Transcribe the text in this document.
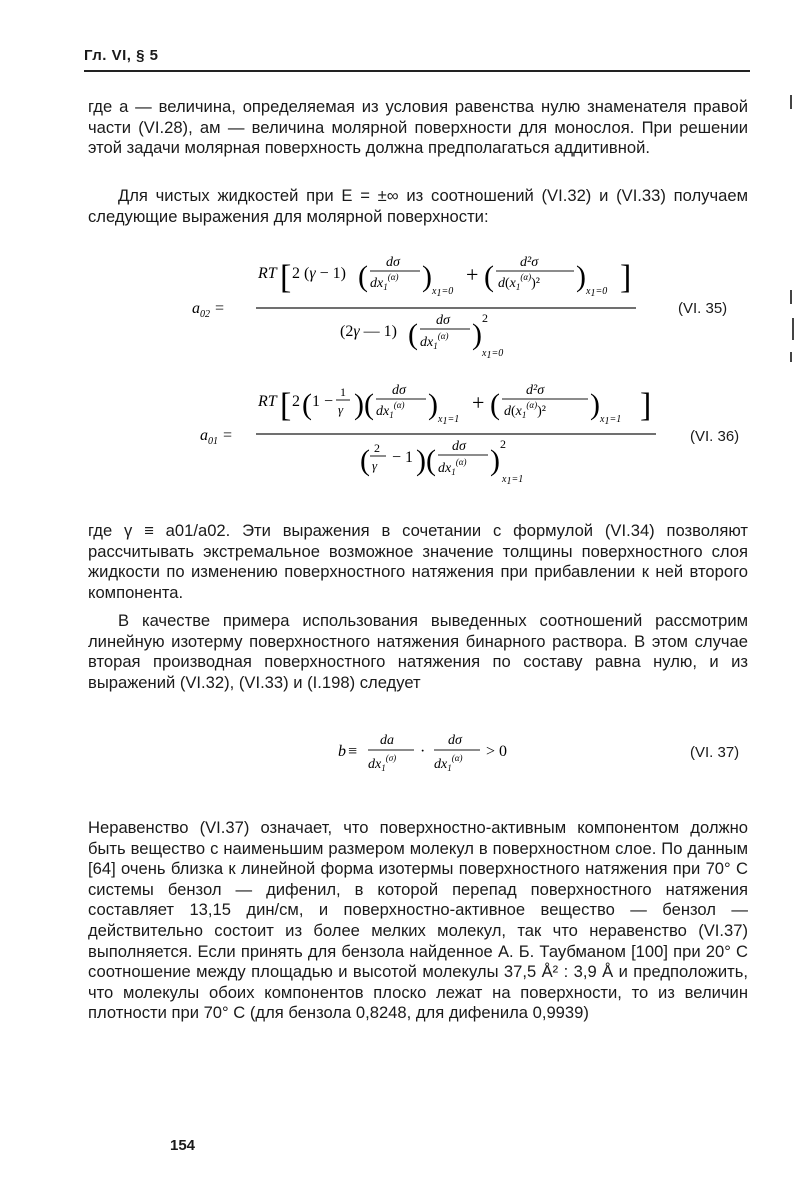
Гл. VI, § 5
где a — величина, определяемая из условия равенства нулю знаменателя правой части (VI.28), aм — величина молярной поверхности для монослоя. При решении этой задачи молярная поверхность должна предполагаться аддитивной.
Для чистых жидкостей при E = ±∞ из соотношений (VI.32) и (VI.33) получаем следующие выражения для молярной поверхности:
$a_{02}$ =
RT [ 2 (γ − 1) ( dσ
$dx_1^{(\alpha)}$ ) x1=0
+ ( d²σ
$d(x_1^{(\alpha)})^2$ ) x1=0 ]
(2γ — 1) ( dσ
$dx_1^{(\alpha)}$ ) 2
x1=0
(VI. 35)
$a_{01}$ =
RT [ 2 ( 1 −
1
γ ) ( dσ
$dx_1^{(\alpha)}$ ) x1=1
+ ( d²σ
$d(x_1^{(\alpha)})^2$ ) x1=1 ]
( 2
γ − 1 ) ( dσ
$dx_1^{(\alpha)}$ ) 2
x1=1
(VI. 36)
где γ ≡ a01/a02. Эти выражения в сочетании с формулой (VI.34) позволяют рассчитывать экстремальное возможное значение толщины поверхностного слоя жидкости по изменению поверхностного натяжения при прибавлении к ней второго компонента.
В качестве примера использования выведенных соотношений рассмотрим линейную изотерму поверхностного натяжения бинарного раствора. В этом случае вторая производная поверхностного натяжения по составу равна нулю, и из выражений (VI.32), (VI.33) и (I.198) следует
b ≡
da
$dx_1^{(\sigma)}$ ·
dσ
$dx_1^{(\alpha)} > 0$	(VI. 37)
Неравенство (VI.37) означает, что поверхностно-активным компонентом должно быть веществo с наименьшим размером молекул в поверхностном слое. По данным [64] очень близка к линейной форма изотермы поверхностного натяжения при 70° C системы бензол — дифенил, в которой перепад поверхностного натяжения составляет 13,15 дин/см, и поверхностно-активное вещество — бензол — действительно состоит из более мелких молекул, так что неравенство (VI.37) выполняется. Если принять для бензола найденное А. Б. Таубманом [100] при 20° C соотношение между площадью и высотой молекулы 37,5 Å² : 3,9 Å и предположить, что молекулы обоих компонентов плоско лежат на поверхности, то из величин плотности при 70° C (для бензола 0,8248, для дифенила 0,9939)
154
